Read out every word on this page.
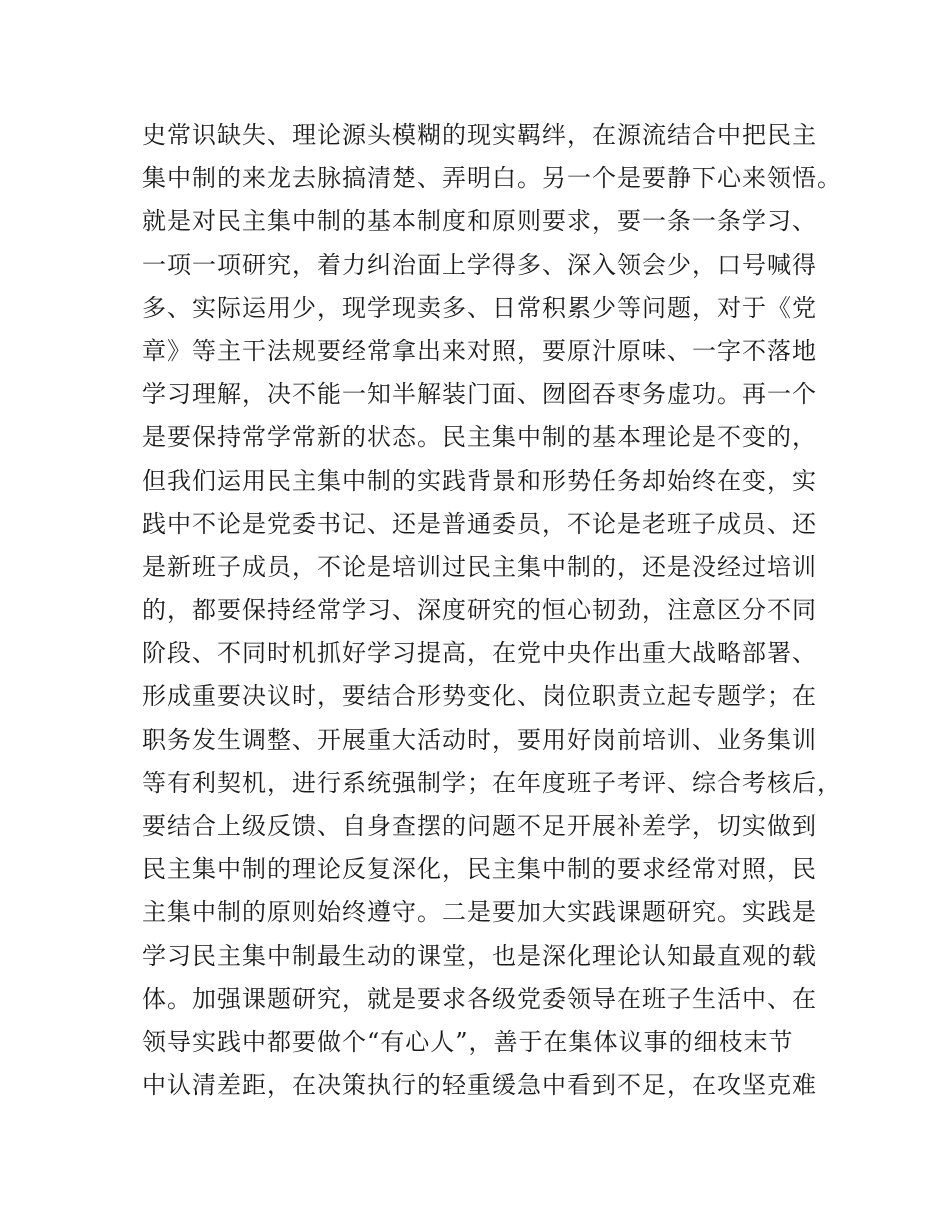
史常识缺失、理论源头模糊的现实羁绊，在源流结合中把民主
集中制的来龙去脉搞清楚、弄明白。另一个是要静下心来领悟。
就是对民主集中制的基本制度和原则要求，要一条一条学习、
一项一项研究，着力纠治面上学得多、深入领会少，口号喊得
多、实际运用少，现学现卖多、日常积累少等问题，对于《党
章》等主干法规要经常拿出来对照，要原汁原味、一字不落地
学习理解，决不能一知半解装门面、囫囵吞枣务虚功。再一个
是要保持常学常新的状态。民主集中制的基本理论是不变的，
但我们运用民主集中制的实践背景和形势任务却始终在变，实
践中不论是党委书记、还是普通委员，不论是老班子成员、还
是新班子成员，不论是培训过民主集中制的，还是没经过培训
的，都要保持经常学习、深度研究的恒心韧劲，注意区分不同
阶段、不同时机抓好学习提高，在党中央作出重大战略部署、
形成重要决议时，要结合形势变化、岗位职责立起专题学；在
职务发生调整、开展重大活动时，要用好岗前培训、业务集训
等有利契机，进行系统强制学；在年度班子考评、综合考核后，
要结合上级反馈、自身查摆的问题不足开展补差学，切实做到
民主集中制的理论反复深化，民主集中制的要求经常对照，民
主集中制的原则始终遵守。二是要加大实践课题研究。实践是
学习民主集中制最生动的课堂，也是深化理论认知最直观的载
体。加强课题研究，就是要求各级党委领导在班子生活中、在
领导实践中都要做个“有心人”，善于在集体议事的细枝末节
中认清差距，在决策执行的轻重缓急中看到不足，在攻坚克难
